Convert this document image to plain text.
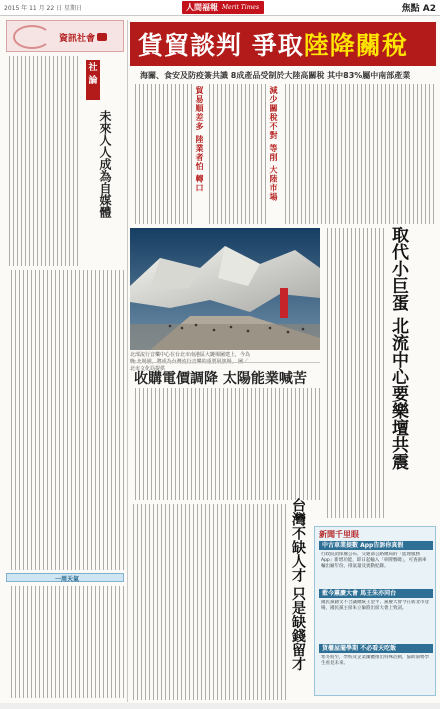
2015 年 11 月 22 日 星期日	人間福報 Merit Times	焦點 A2
資訊社會
社論
未來人人成為自媒體
一周天氣
貨貿談判 爭取陸降關稅
海關、食安及防疫簽共識 8成產品受制於大陸高關稅 其中83%屬中南部產業
貿易順差多 陸業者怕 轉口	減少關稅不對 等削 大陸市場
北部流行音樂中心在台北市南港區大鏈場圖建上，今為 北市文化局提供	取代小巨蛋 北流中心要樂壇共震
收購電價調降 太陽能業喊苦
台灣不缺人才 只是缺錢留才 新聞千里眼
中古車業提數 App告訴你真假
行政院消保處公布，交通部公路總局的「監理服務App」新增功能，即日起輸入「車牌號碼」，可查詢車輛出廠年份、排氣量及異動紀錄。
藍今黨慶大會 馬王朱亦同台
國民黨籍文不合讓總統王金平，黨慶大會今在新北市登場，國民黨主席朱立倫將出席大會上致詞。
貨櫃屋擺學期 不必看天吃飯
寒冬將至，學校及企業團體推出特殊活動，協助弱勢學生看見未來。
